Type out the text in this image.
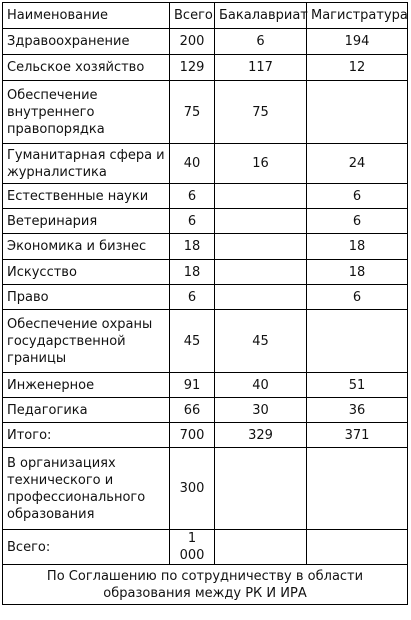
Наименование	Всего	Бакалавриат	Магистратура
Здравоохранение	200	6	194
Сельское хозяйство	129	117	12
Обеспечение внутреннего правопорядка	75	75	
Гуманитарная сфера и журналистика	40	16	24
Естественные науки	6		6
Ветеринария	6		6
Экономика и бизнес	18		18
Искусство	18		18
Право	6		6
Обеспечение охраны государственной границы	45	45	
Инженерное	91	40	51
Педагогика	66	30	36
Итого:	700	329	371
В организациях технического и профессионального образования	300		
Всего:	1 000		
По Соглашению по сотрудничеству в области образования между РК И ИРА			
